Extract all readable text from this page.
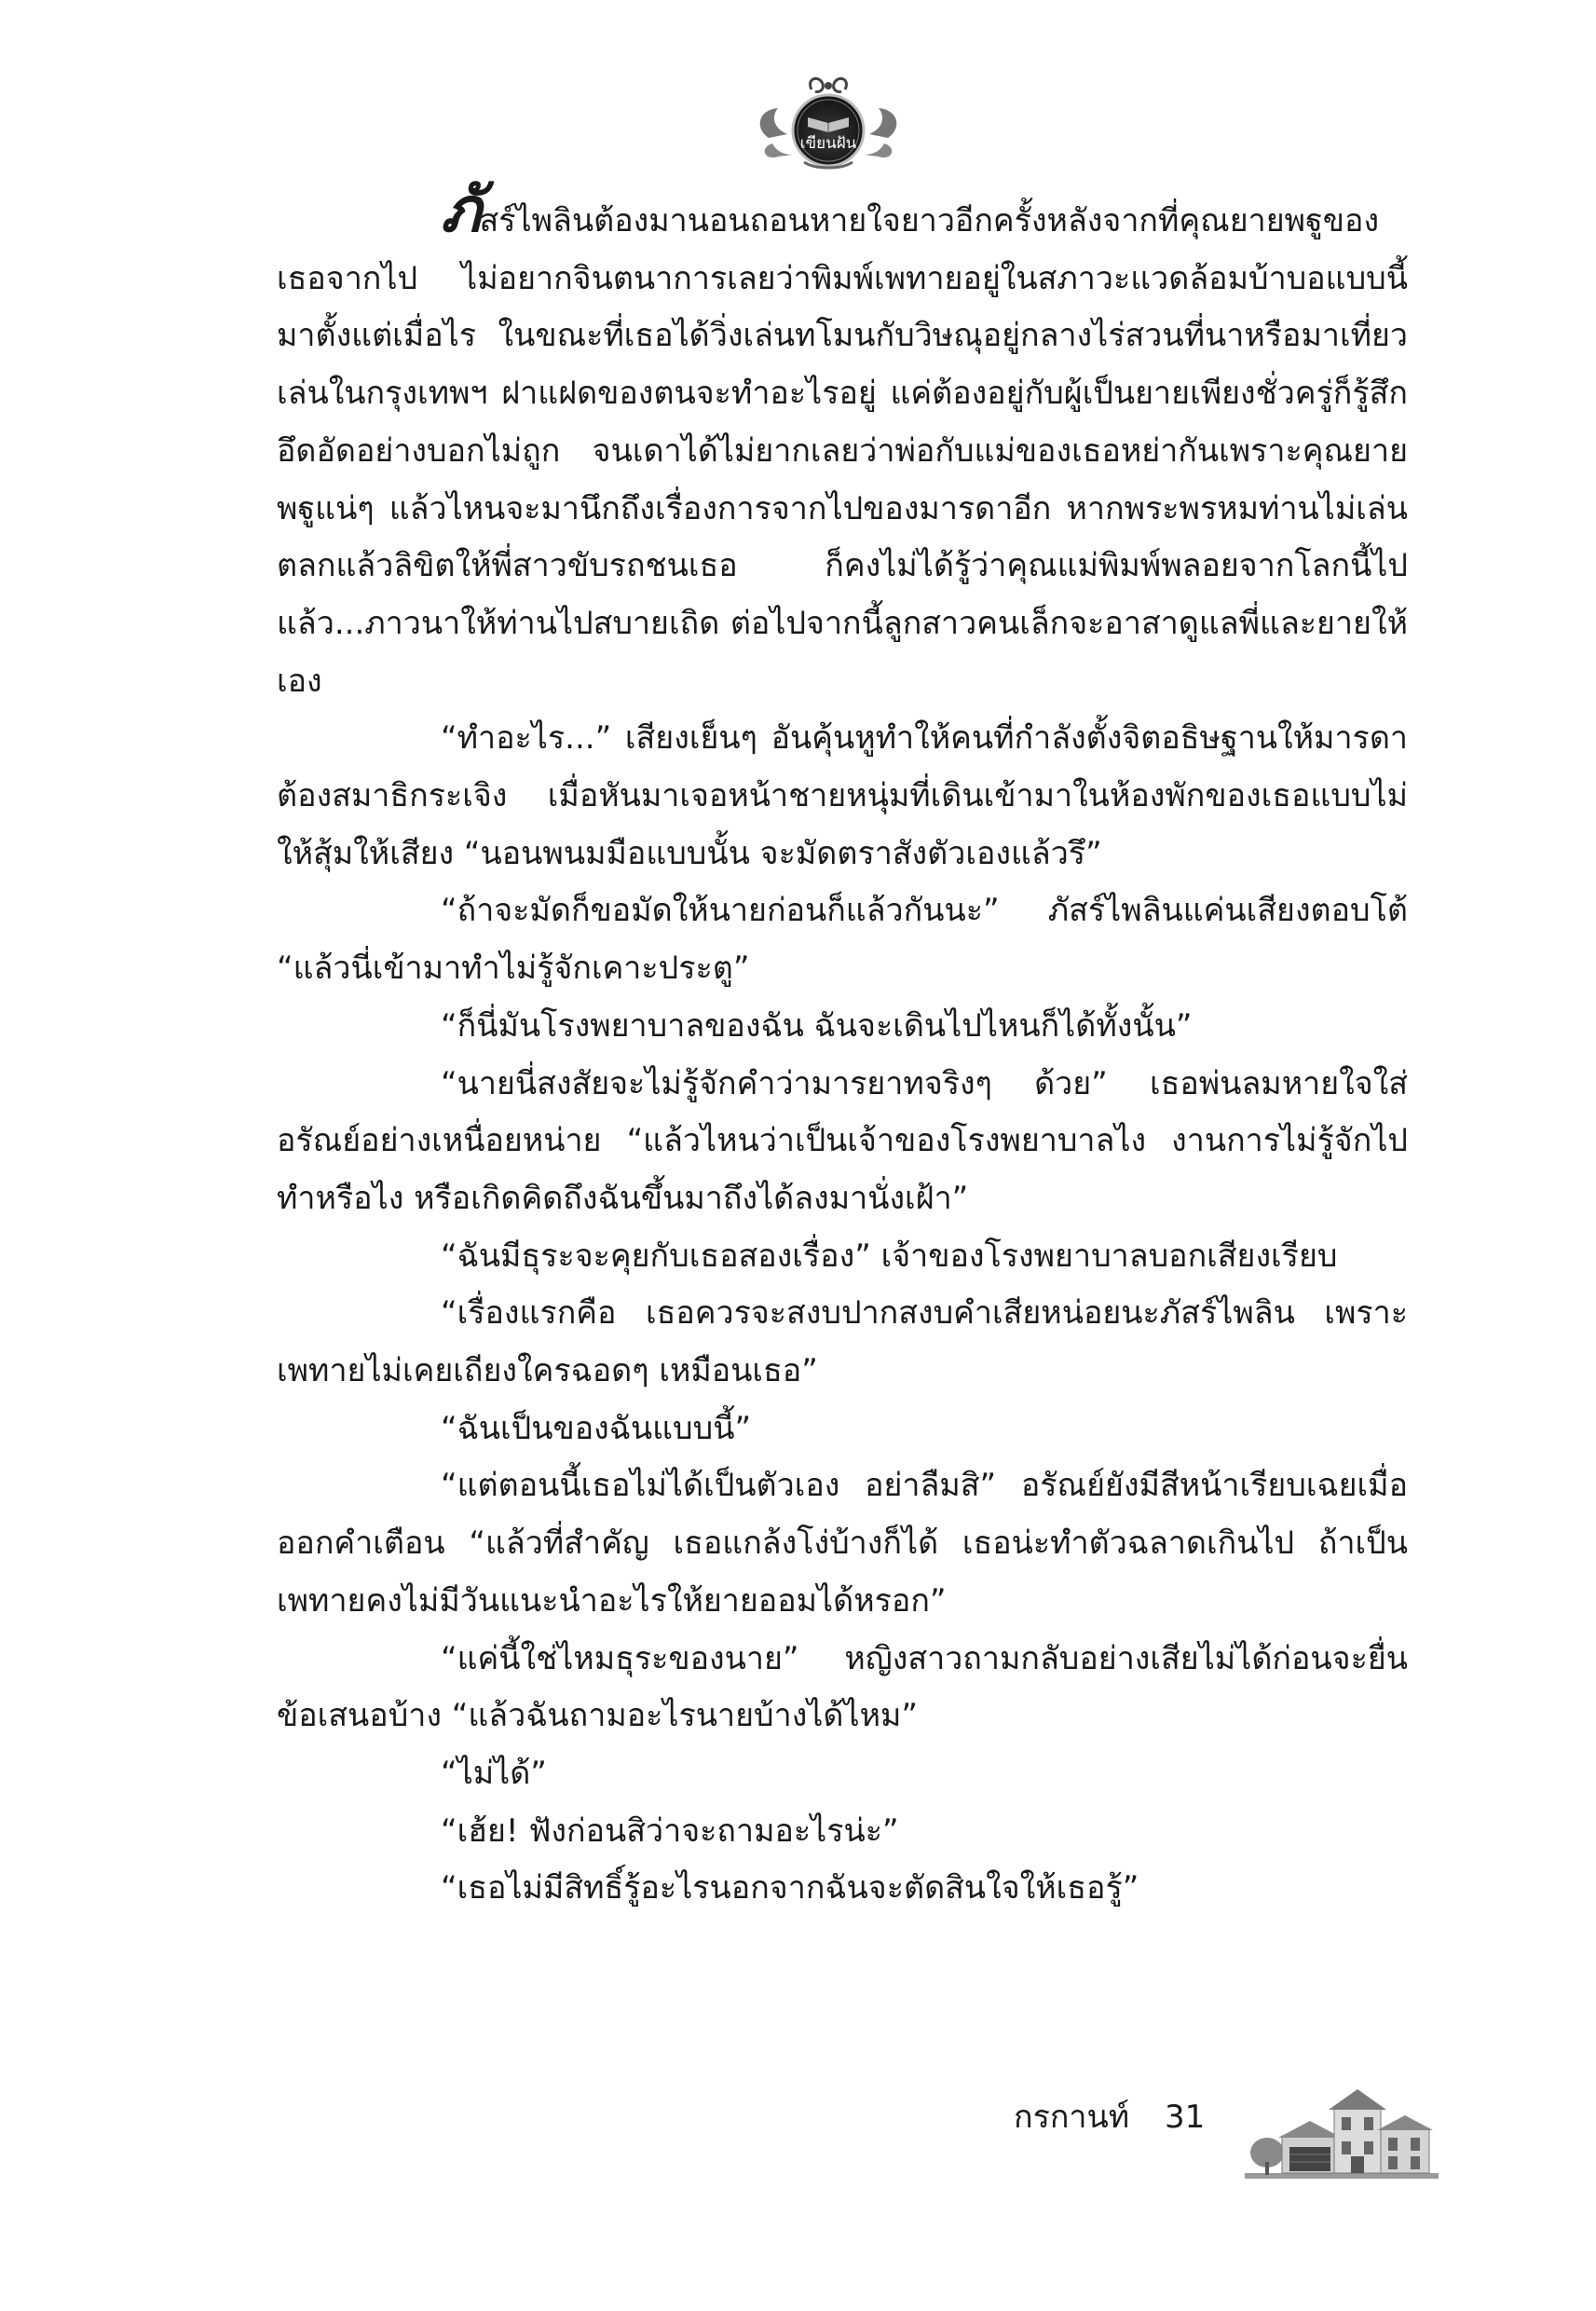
เขียนฝัน

ภัสร์ไพลินต้องมานอนถอนหายใจยาวอีกครั้งหลังจากที่คุณยายพฐูของเธอจากไป ไม่อยากจินตนาการเลยว่าพิมพ์เพทายอยู่ในสภาวะแวดล้อมบ้าบอแบบนี้มาตั้งแต่เมื่อไร ในขณะที่เธอได้วิ่งเล่นทโมนกับวิษณุอยู่กลางไร่สวนที่นาหรือมาเที่ยวเล่นในกรุงเทพฯ ฝาแฝดของตนจะทำอะไรอยู่ แค่ต้องอยู่กับผู้เป็นยายเพียงชั่วครู่ก็รู้สึกอึดอัดอย่างบอกไม่ถูก จนเดาได้ไม่ยากเลยว่าพ่อกับแม่ของเธอหย่ากันเพราะคุณยายพฐูแน่ๆ แล้วไหนจะมานึกถึงเรื่องการจากไปของมารดาอีก หากพระพรหมท่านไม่เล่นตลกแล้วลิขิตให้พี่สาวขับรถชนเธอ ก็คงไม่ได้รู้ว่าคุณแม่พิมพ์พลอยจากโลกนี้ไปแล้ว...ภาวนาให้ท่านไปสบายเถิด ต่อไปจากนี้ลูกสาวคนเล็กจะอาสาดูแลพี่และยายให้เอง

“ทำอะไร...” เสียงเย็นๆ อันคุ้นหูทำให้คนที่กำลังตั้งจิตอธิษฐานให้มารดาต้องสมาธิกระเจิง เมื่อหันมาเจอหน้าชายหนุ่มที่เดินเข้ามาในห้องพักของเธอแบบไม่ให้สุ้มให้เสียง “นอนพนมมือแบบนั้น จะมัดตราสังตัวเองแล้วรึ”

“ถ้าจะมัดก็ขอมัดให้นายก่อนก็แล้วกันนะ” ภัสร์ไพลินแค่นเสียงตอบโต้ “แล้วนี่เข้ามาทำไม่รู้จักเคาะประตู”

“ก็นี่มันโรงพยาบาลของฉัน ฉันจะเดินไปไหนก็ได้ทั้งนั้น”

“นายนี่สงสัยจะไม่รู้จักคำว่ามารยาทจริงๆ ด้วย” เธอพ่นลมหายใจใส่อรัณย์อย่างเหนื่อยหน่าย “แล้วไหนว่าเป็นเจ้าของโรงพยาบาลไง งานการไม่รู้จักไปทำหรือไง หรือเกิดคิดถึงฉันขึ้นมาถึงได้ลงมานั่งเฝ้า”

“ฉันมีธุระจะคุยกับเธอสองเรื่อง” เจ้าของโรงพยาบาลบอกเสียงเรียบ

“เรื่องแรกคือ เธอควรจะสงบปากสงบคำเสียหน่อยนะภัสร์ไพลิน เพราะเพทายไม่เคยเถียงใครฉอดๆ เหมือนเธอ”

“ฉันเป็นของฉันแบบนี้”

“แต่ตอนนี้เธอไม่ได้เป็นตัวเอง อย่าลืมสิ” อรัณย์ยังมีสีหน้าเรียบเฉยเมื่อออกคำเตือน “แล้วที่สำคัญ เธอแกล้งโง่บ้างก็ได้ เธอน่ะทำตัวฉลาดเกินไป ถ้าเป็นเพทายคงไม่มีวันแนะนำอะไรให้ยายออมได้หรอก”

“แค่นี้ใช่ไหมธุระของนาย” หญิงสาวถามกลับอย่างเสียไม่ได้ก่อนจะยื่นข้อเสนอบ้าง “แล้วฉันถามอะไรนายบ้างได้ไหม”

“ไม่ได้”

“เฮ้ย! ฟังก่อนสิว่าจะถามอะไรน่ะ”

“เธอไม่มีสิทธิ์รู้อะไรนอกจากฉันจะตัดสินใจให้เธอรู้”

กรกานท์ 31
